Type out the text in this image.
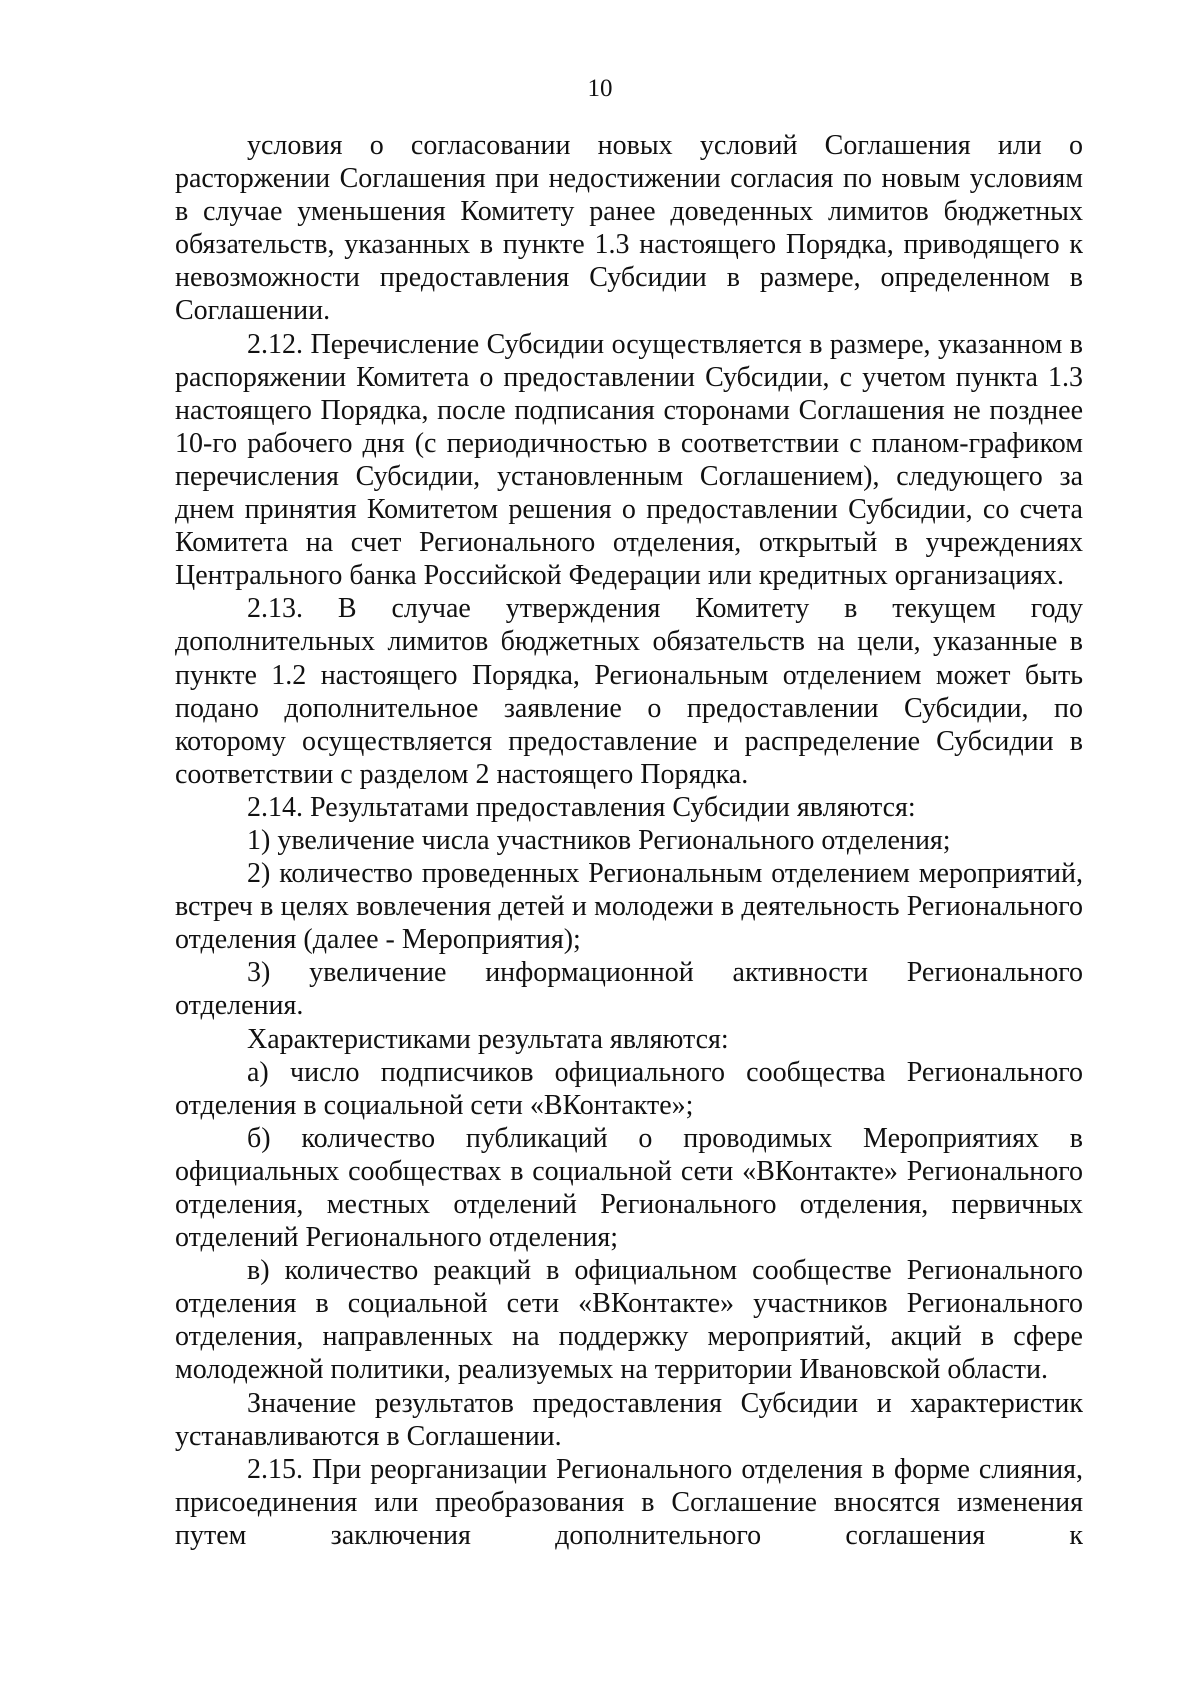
10

условия о согласовании новых условий Соглашения или о расторжении Соглашения при недостижении согласия по новым условиям в случае уменьшения Комитету ранее доведенных лимитов бюджетных обязательств, указанных в пункте 1.3 настоящего Порядка, приводящего к невозможности предоставления Субсидии в размере, определенном в Соглашении.

2.12. Перечисление Субсидии осуществляется в размере, указанном в распоряжении Комитета о предоставлении Субсидии, с учетом пункта 1.3 настоящего Порядка, после подписания сторонами Соглашения не позднее 10-го рабочего дня (с периодичностью в соответствии с планом-графиком перечисления Субсидии, установленным Соглашением), следующего за днем принятия Комитетом решения о предоставлении Субсидии, со счета Комитета на счет Регионального отделения, открытый в учреждениях Центрального банка Российской Федерации или кредитных организациях.

2.13. В случае утверждения Комитету в текущем году дополнительных лимитов бюджетных обязательств на цели, указанные в пункте 1.2 настоящего Порядка, Региональным отделением может быть подано дополнительное заявление о предоставлении Субсидии, по которому осуществляется предоставление и распределение Субсидии в соответствии с разделом 2 настоящего Порядка.

2.14. Результатами предоставления Субсидии являются:

1) увеличение числа участников Регионального отделения;

2) количество проведенных Региональным отделением мероприятий, встреч в целях вовлечения детей и молодежи в деятельность Регионального отделения (далее - Мероприятия);

3) увеличение информационной активности Регионального отделения.

Характеристиками результата являются:

а) число подписчиков официального сообщества Регионального отделения в социальной сети «ВКонтакте»;

б) количество публикаций о проводимых Мероприятиях в официальных сообществах в социальной сети «ВКонтакте» Регионального отделения, местных отделений Регионального отделения, первичных отделений Регионального отделения;

в) количество реакций в официальном сообществе Регионального отделения в социальной сети «ВКонтакте» участников Регионального отделения, направленных на поддержку мероприятий, акций в сфере молодежной политики, реализуемых на территории Ивановской области.

Значение результатов предоставления Субсидии и характеристик устанавливаются в Соглашении.

2.15. При реорганизации Регионального отделения в форме слияния, присоединения или преобразования в Соглашение вносятся изменения путем заключения дополнительного соглашения к
